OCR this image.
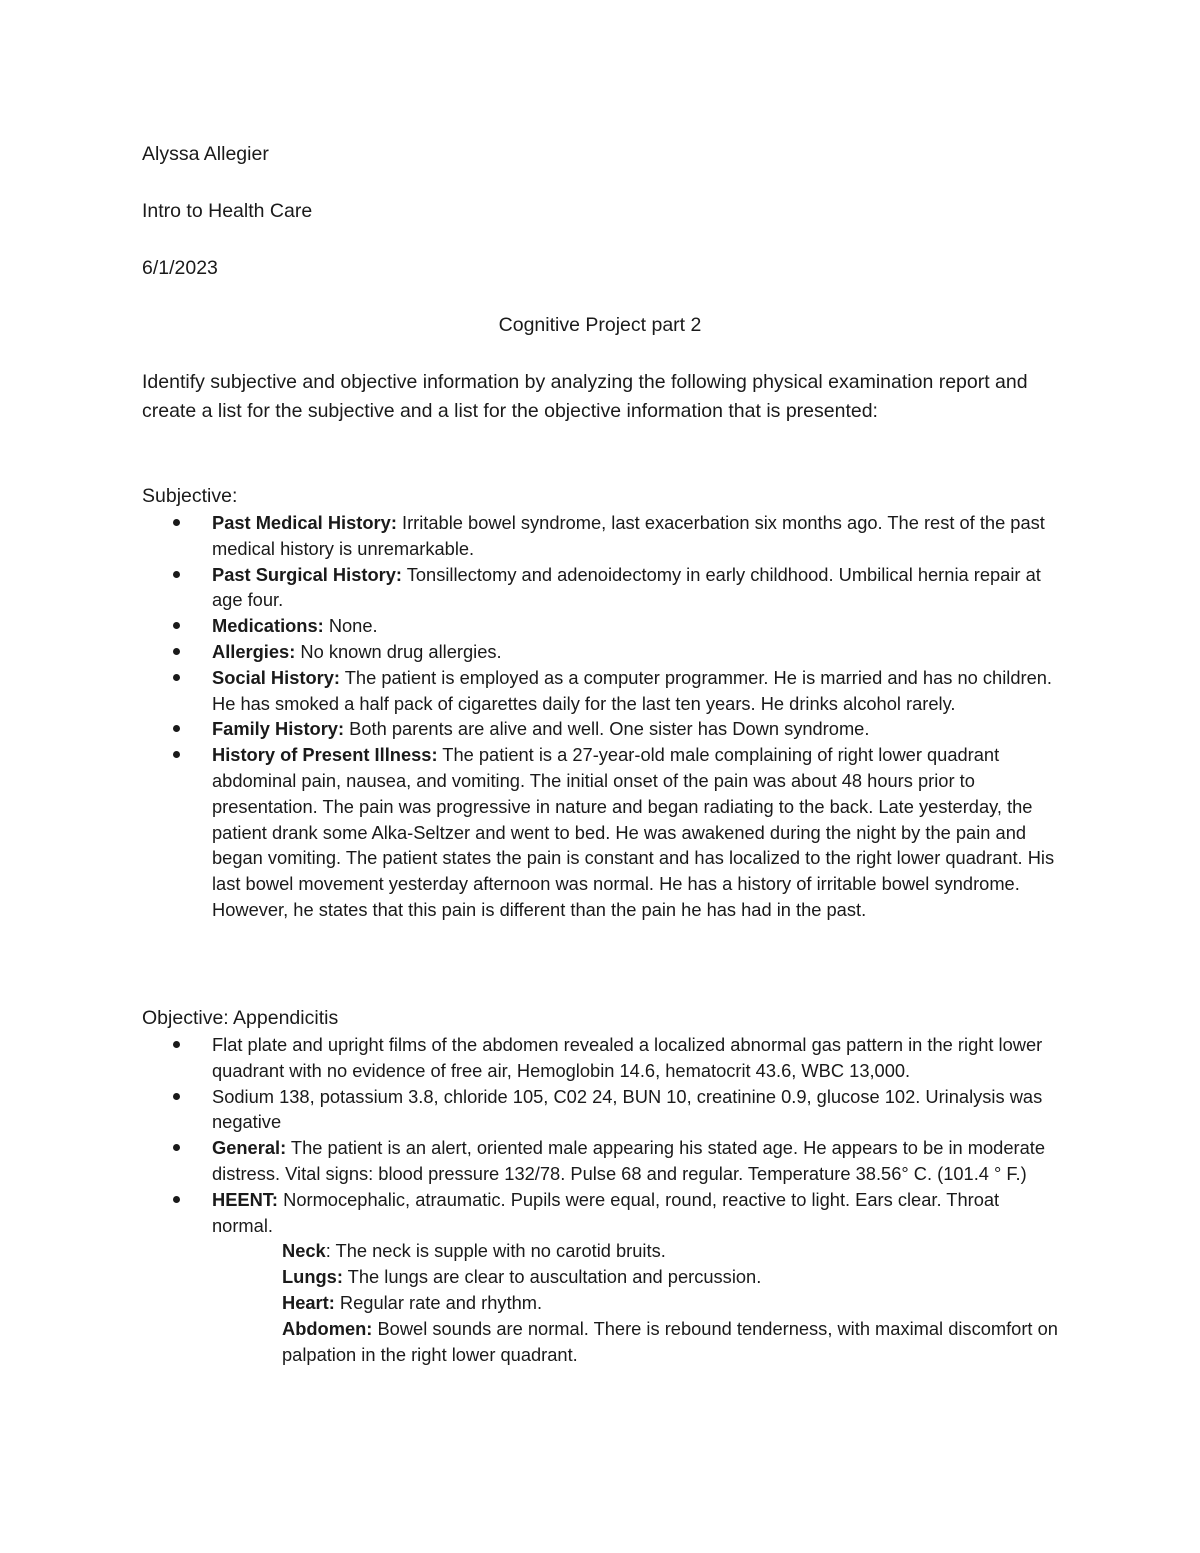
Alyssa Allegier
Intro to Health Care
6/1/2023
Cognitive Project part 2
Identify subjective and objective information by analyzing the following physical examination report and create a list for the subjective and a list for the objective information that is presented:
Subjective:
Past Medical History: Irritable bowel syndrome, last exacerbation six months ago. The rest of the past medical history is unremarkable.
Past Surgical History: Tonsillectomy and adenoidectomy in early childhood. Umbilical hernia repair at age four.
Medications: None.
Allergies: No known drug allergies.
Social History: The patient is employed as a computer programmer. He is married and has no children. He has smoked a half pack of cigarettes daily for the last ten years. He drinks alcohol rarely.
Family History: Both parents are alive and well. One sister has Down syndrome.
History of Present Illness: The patient is a 27-year-old male complaining of right lower quadrant abdominal pain, nausea, and vomiting. The initial onset of the pain was about 48 hours prior to presentation. The pain was progressive in nature and began radiating to the back. Late yesterday, the patient drank some Alka-Seltzer and went to bed. He was awakened during the night by the pain and began vomiting. The patient states the pain is constant and has localized to the right lower quadrant. His last bowel movement yesterday afternoon was normal. He has a history of irritable bowel syndrome. However, he states that this pain is different than the pain he has had in the past.
Objective: Appendicitis
Flat plate and upright films of the abdomen revealed a localized abnormal gas pattern in the right lower quadrant with no evidence of free air, Hemoglobin 14.6, hematocrit 43.6, WBC 13,000.
Sodium 138, potassium 3.8, chloride 105, C02 24, BUN 10, creatinine 0.9, glucose 102. Urinalysis was negative
General: The patient is an alert, oriented male appearing his stated age. He appears to be in moderate distress. Vital signs: blood pressure 132/78. Pulse 68 and regular. Temperature 38.56° C. (101.4 ° F.)
HEENT: Normocephalic, atraumatic. Pupils were equal, round, reactive to light. Ears clear. Throat normal.
Neck: The neck is supple with no carotid bruits.
Lungs: The lungs are clear to auscultation and percussion.
Heart: Regular rate and rhythm.
Abdomen: Bowel sounds are normal. There is rebound tenderness, with maximal discomfort on palpation in the right lower quadrant.
